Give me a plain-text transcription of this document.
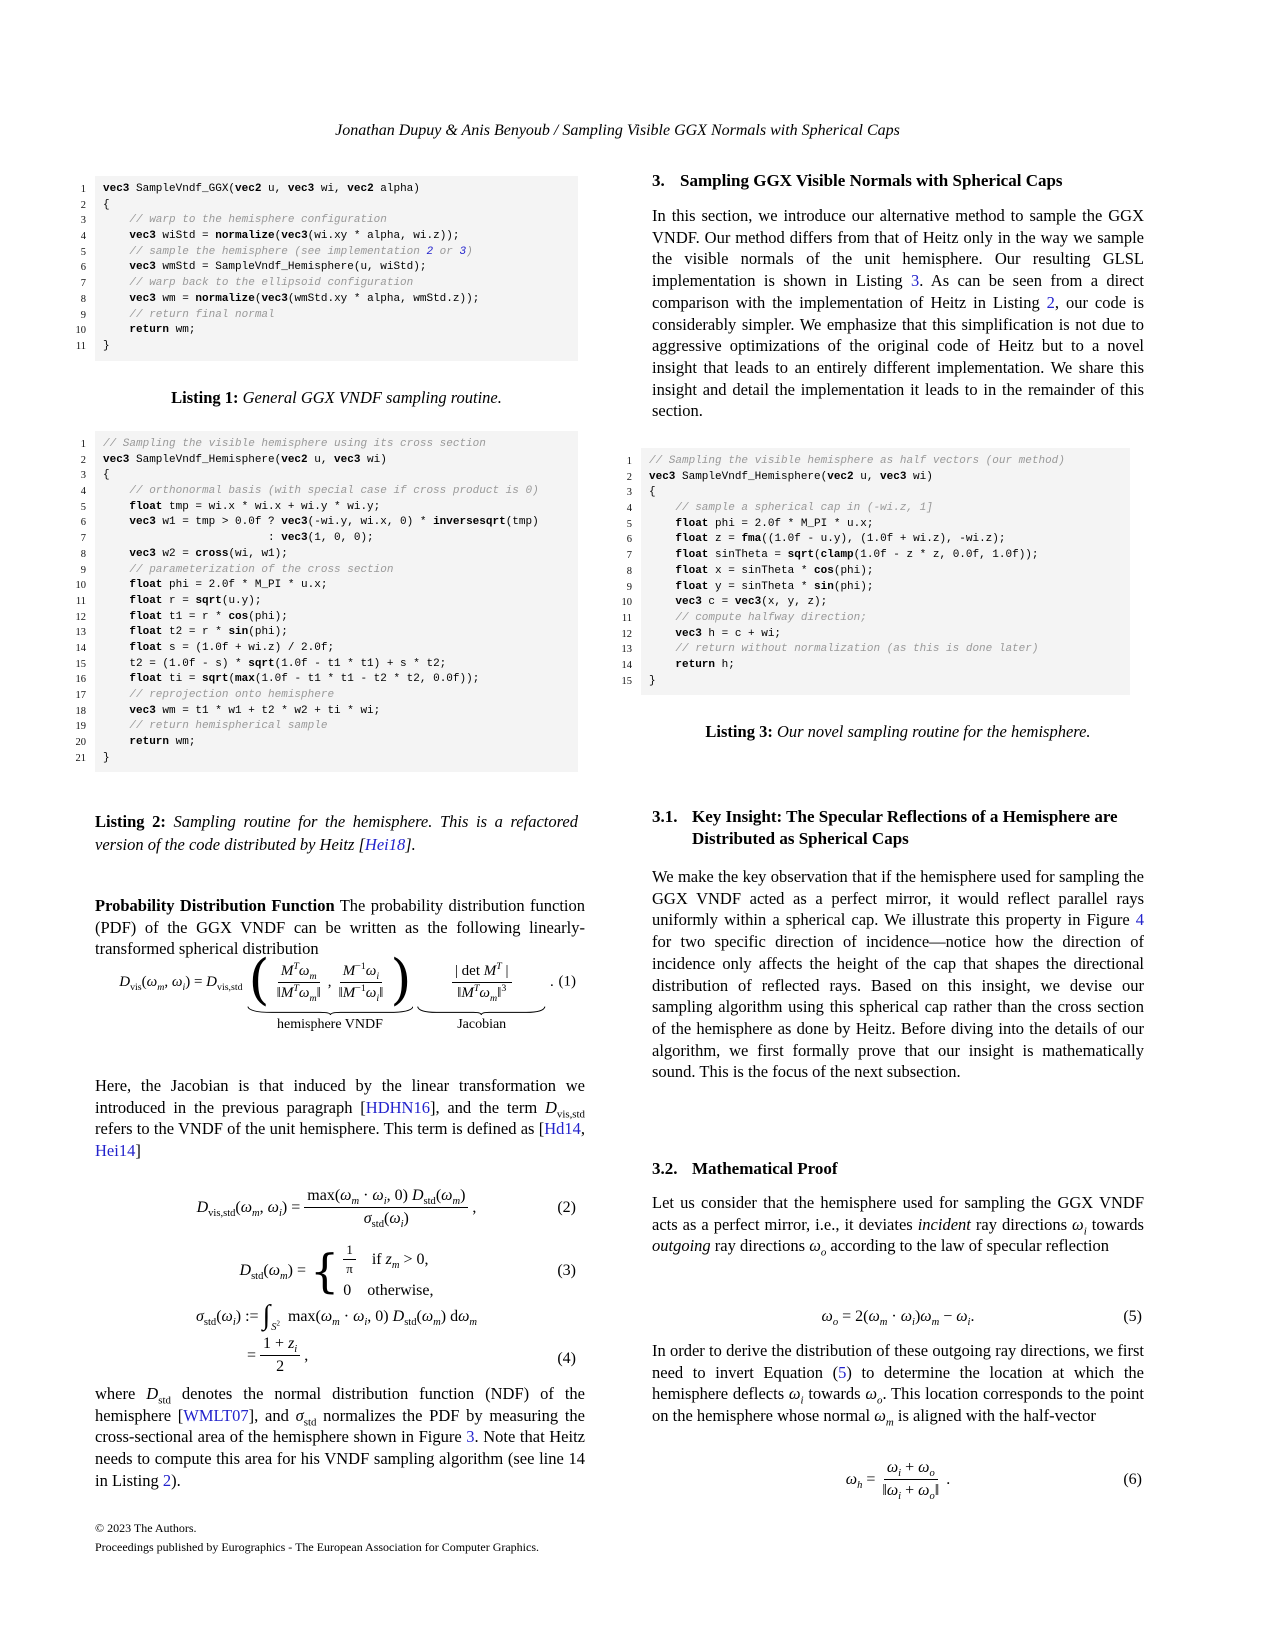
Jonathan Dupuy & Anis Benyoub / Sampling Visible GGX Normals with Spherical Caps
1
2
3
4
5
6
7
8
9
10
11
vec3 SampleVndf_GGX(vec2 u, vec3 wi, vec2 alpha)
{
// warp to the hemisphere configuration
vec3 wiStd = normalize(vec3(wi.xy * alpha, wi.z));
// sample the hemisphere (see implementation 2 or 3)
vec3 wmStd = SampleVndf_Hemisphere(u, wiStd);
// warp back to the ellipsoid configuration
vec3 wm = normalize(vec3(wmStd.xy * alpha, wmStd.z));
// return final normal
return wm;
}
Listing 1: General GGX VNDF sampling routine.
1
2
3
4
5
6
7
8
9
10
11
12
13
14
15
16
17
18
19
20
21
// Sampling the visible hemisphere using its cross section
vec3 SampleVndf_Hemisphere(vec2 u, vec3 wi)
{
// orthonormal basis (with special case if cross product is 0)
float tmp = wi.x * wi.x + wi.y * wi.y;
vec3 w1 = tmp > 0.0f ? vec3(-wi.y, wi.x, 0) * inversesqrt(tmp)
: vec3(1, 0, 0);
vec3 w2 = cross(wi, w1);
// parameterization of the cross section
float phi = 2.0f * M_PI * u.x;
float r = sqrt(u.y);
float t1 = r * cos(phi);
float t2 = r * sin(phi);
float s = (1.0f + wi.z) / 2.0f;
t2 = (1.0f - s) * sqrt(1.0f - t1 * t1) + s * t2;
float ti = sqrt(max(1.0f - t1 * t1 - t2 * t2, 0.0f));
// reprojection onto hemisphere
vec3 wm = t1 * w1 + t2 * w2 + ti * wi;
// return hemispherical sample
return wm;
}
Listing 2: Sampling routine for the hemisphere. This is a refactored version of the code distributed by Heitz [Hei18].
Probability Distribution Function The probability distribution function (PDF) of the GGX VNDF can be written as the following linearly-transformed spherical distribution
$D_{vis}(\omega_m$, $\omega_i) = D_{vis,std}$ ( $\frac{M^T\omega_m}{‖M^T\omega_m‖}$ , $\frac{M^{-1}\omega_i}{‖M^{-1}\omega_i‖}$ )
hemisphere VNDF
$\frac{| \det M^T |}{‖M^T\omega_m‖^3}$
Jacobian
. (1)
Here, the Jacobian is that induced by the linear transformation we introduced in the previous paragraph [HDHN16], and the term $D_{vis,std}$ refers to the VNDF of the unit hemisphere. This term is defined as [Hd14, Hei14]
$D_{vis,std}(\omega_m$, $\omega_i) = \frac{\max(\omega_m \cdot \omega_i, 0) D_{std}(\omega_m)}{\sigma_{std}(\omega_i)}$ ,	(2)
$D_{std}(\omega_m)$ = { $\frac{1}{\pi}$ if $z_m > 0$,
0 otherwise,
(3)
$\sigma_{std}(\omega_i)$ := $\int_{S^2}$ $\max(\omega_m \cdot \omega_i$, 0) $D_{std}(\omega_m)$ $d\omega_m$
= $\frac{1 + z_i}{2}$ ,	(4)
where $D_{std}$ denotes the normal distribution function (NDF) of the hemisphere [WMLT07], and $\sigma_{std}$ normalizes the PDF by measuring the cross-sectional area of the hemisphere shown in Figure 3. Note that Heitz needs to compute this area for his VNDF sampling algorithm (see line 14 in Listing 2).
© 2023 The Authors.
Proceedings published by Eurographics - The European Association for Computer Graphics.
3. Sampling GGX Visible Normals with Spherical Caps
In this section, we introduce our alternative method to sample the GGX VNDF. Our method differs from that of Heitz only in the way we sample the visible normals of the unit hemisphere. Our resulting GLSL implementation is shown in Listing 3. As can be seen from a direct comparison with the implementation of Heitz in Listing 2, our code is considerably simpler. We emphasize that this simplification is not due to aggressive optimizations of the original code of Heitz but to a novel insight that leads to an entirely different implementation. We share this insight and detail the implementation it leads to in the remainder of this section.
1
2
3
4
5
6
7
8
9
10
11
12
13
14
15
// Sampling the visible hemisphere as half vectors (our method)
vec3 SampleVndf_Hemisphere(vec2 u, vec3 wi)
{
// sample a spherical cap in (-wi.z, 1]
float phi = 2.0f * M_PI * u.x;
float z = fma((1.0f - u.y), (1.0f + wi.z), -wi.z);
float sinTheta = sqrt(clamp(1.0f - z * z, 0.0f, 1.0f));
float x = sinTheta * cos(phi);
float y = sinTheta * sin(phi);
vec3 c = vec3(x, y, z);
// compute halfway direction;
vec3 h = c + wi;
// return without normalization (as this is done later)
return h;
}
Listing 3: Our novel sampling routine for the hemisphere.
3.1. Key Insight: The Specular Reflections of a Hemisphere are Distributed as Spherical Caps
We make the key observation that if the hemisphere used for sampling the GGX VNDF acted as a perfect mirror, it would reflect parallel rays uniformly within a spherical cap. We illustrate this property in Figure 4 for two specific direction of incidence—notice how the direction of incidence only affects the height of the cap that shapes the directional distribution of reflected rays. Based on this insight, we devise our sampling algorithm using this spherical cap rather than the cross section of the hemisphere as done by Heitz. Before diving into the details of our algorithm, we first formally prove that our insight is mathematically sound. This is the focus of the next subsection.
3.2. Mathematical Proof
Let us consider that the hemisphere used for sampling the GGX VNDF acts as a perfect mirror, i.e., it deviates incident ray directions $\omega_i$ towards outgoing ray directions $\omega_o$ according to the law of specular reflection
$\omega_o = 2(\omega_m \cdot \omega_i)\omega_m - \omega_i$.	(5)
In order to derive the distribution of these outgoing ray directions, we first need to invert Equation (5) to determine the location at which the hemisphere deflects $\omega_i$ towards $\omega_o$. This location corresponds to the point on the hemisphere whose normal $\omega_m$ is aligned with the half-vector
$\omega_h = \frac{\omega_i + \omega_o}{‖\omega_i + \omega_o‖}$ .	(6)
